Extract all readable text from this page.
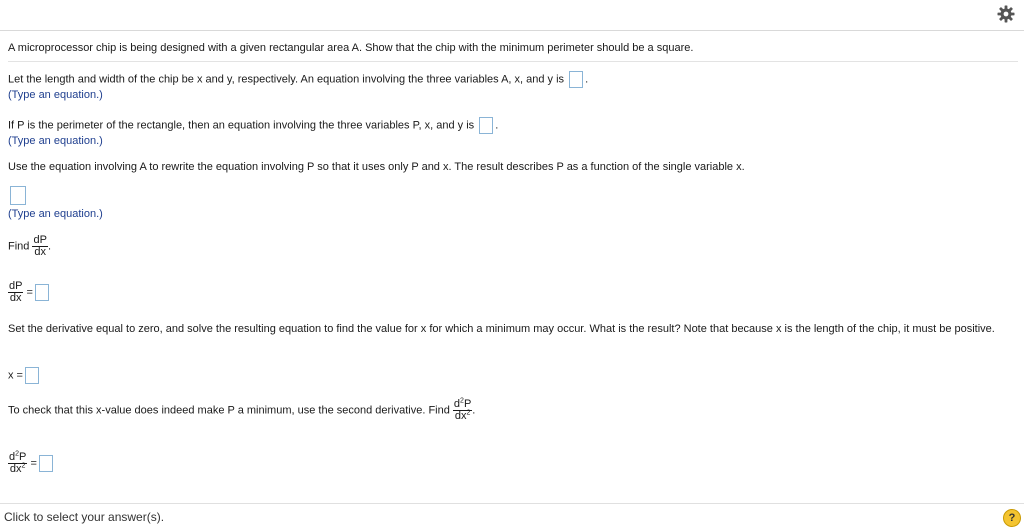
A microprocessor chip is being designed with a given rectangular area A. Show that the chip with the minimum perimeter should be a square.
Let the length and width of the chip be x and y, respectively. An equation involving the three variables A, x, and y is .
(Type an equation.)
If P is the perimeter of the rectangle, then an equation involving the three variables P, x, and y is .
(Type an equation.)
Use the equation involving A to rewrite the equation involving P so that it uses only P and x. The result describes P as a function of the single variable x.
(Type an equation.)
Find $\frac{dP}{dx}$ .
$\frac{dP}{dx}$ =
Set the derivative equal to zero, and solve the resulting equation to find the value for x for which a minimum may occur. What is the result? Note that because x is the length of the chip, it must be positive.
x =
To check that this x-value does indeed make P a minimum, use the second derivative. Find $\frac{d^2P}{dx^2}$ .
$\frac{d^2P}{dx^2}$ =
Click to select your answer(s).	?
